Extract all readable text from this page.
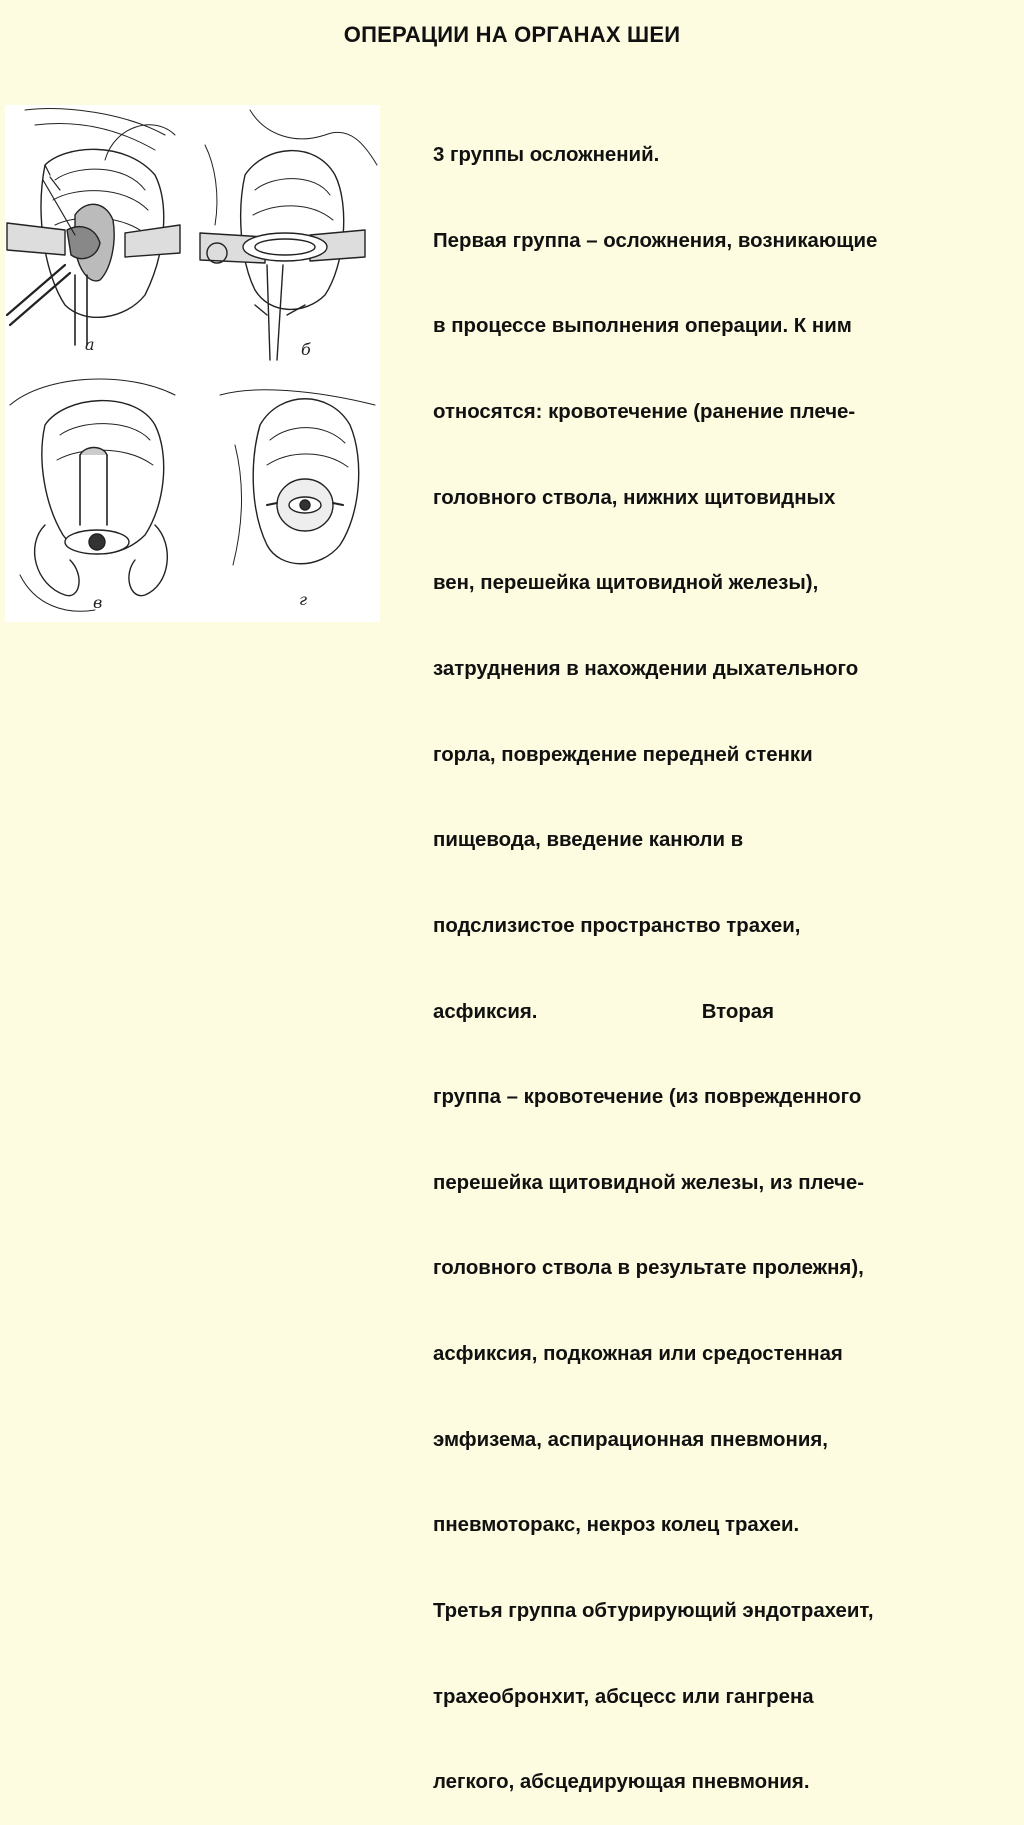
ОПЕРАЦИИ НА ОРГАНАХ ШЕИ
а	б
в	г

3 группы осложнений.

Первая группа – осложнения, возникающие

в процессе выполнения операции. К ним

относятся: кровотечение (ранение плече-

головного ствола, нижних щитовидных

вен, перешейка щитовидной железы),

затруднения в нахождении дыхательного

горла, повреждение передней стенки

пищевода, введение канюли в

подслизистое пространство трахеи,

асфиксия.                             Вторая

группа – кровотечение (из поврежденного

перешейка щитовидной железы, из плече-

головного ствола в результате пролежня),

асфиксия, подкожная или средостенная

эмфизема, аспирационная пневмония,

пневмоторакс, некроз колец трахеи.

Третья группа обтурирующий эндотрахеит,

трахеобронхит, абсцесс или гангрена

легкого, абсцедирующая пневмония.
